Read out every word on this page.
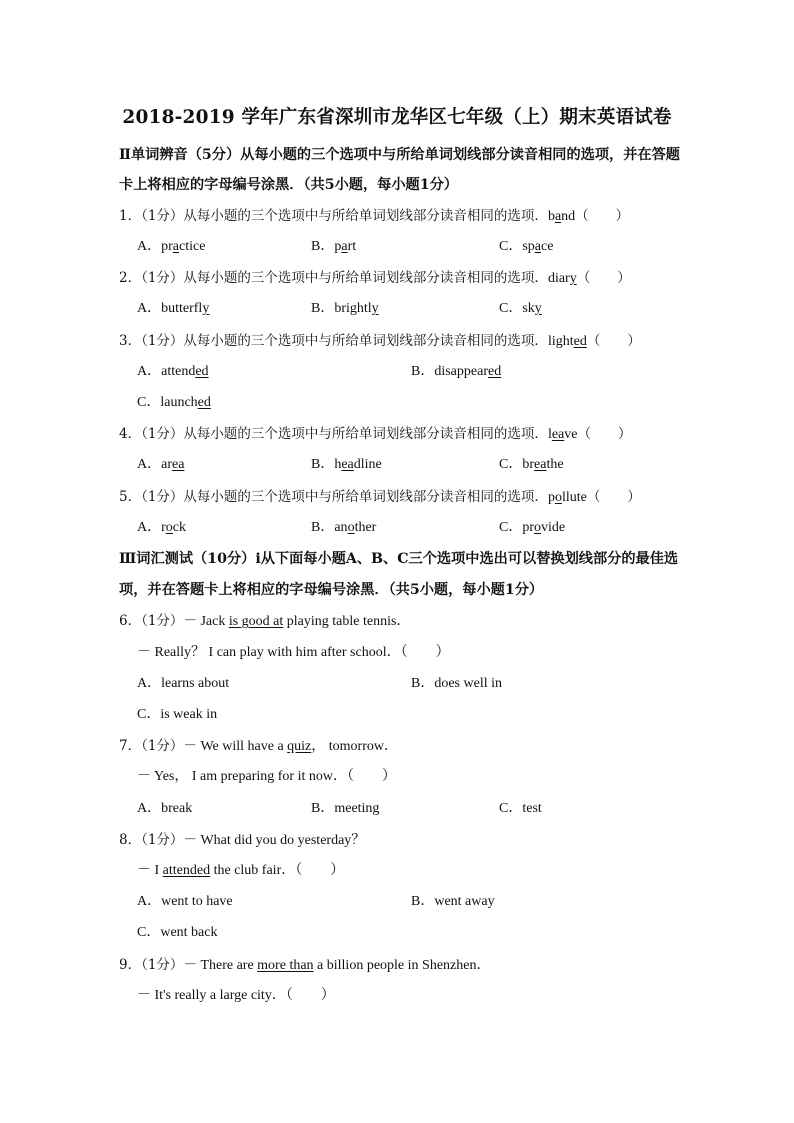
2018-2019 学年广东省深圳市龙华区七年级（上）期末英语试卷
Ⅱ单词辨音（5分）从每小题的三个选项中与所给单词划线部分读音相同的选项，并在答题
卡上将相应的字母编号涂黑．（共5小题，每小题1分）
1．（1分）从每小题的三个选项中与所给单词划线部分读音相同的选项．band（　　）
A．practice	B．part	C．space
2．（1分）从每小题的三个选项中与所给单词划线部分读音相同的选项．diary（　　）
A．butterfly	B．brightly	C．sky
3．（1分）从每小题的三个选项中与所给单词划线部分读音相同的选项．lighted（　　）
A．attended	B．disappeared
C．launched
4．（1分）从每小题的三个选项中与所给单词划线部分读音相同的选项．leave（　　）
A．area	B．headline	C．breathe
5．（1分）从每小题的三个选项中与所给单词划线部分读音相同的选项．pollute（　　）
A．rock	B．another	C．provide
Ⅲ词汇测试（10分）ⅰ从下面每小题A、B、C三个选项中选出可以替换划线部分的最佳选
项，并在答题卡上将相应的字母编号涂黑．（共5小题，每小题1分）
6．（1分）－ Jack is good at playing table tennis．
－ Really？ I can play with him after school．（　　）
A．learns about	B．does well in
C．is weak in
7．（1分）－ We will have a quiz， tomorrow．
－ Yes， I am preparing for it now．（　　）
A．break	B．meeting	C．test
8．（1分）－ What did you do yesterday？
－ I attended the club fair．（　　）
A．went to have	B．went away
C．went back
9．（1分）－ There are more than a billion people in Shenzhen．
－ It's really a large city．（　　）
